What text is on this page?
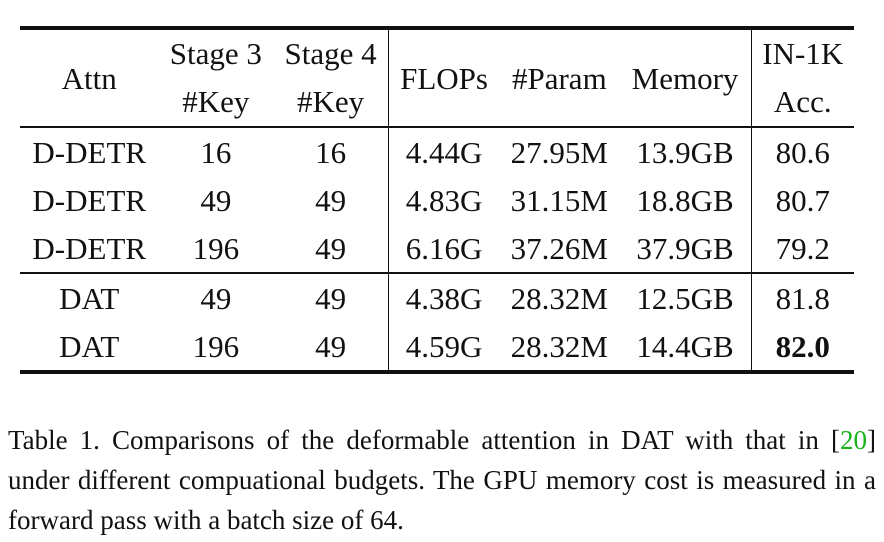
Attn	Stage 3	Stage 4	FLOPs	#Param	Memory	IN-1K
	#Key	#Key				Acc.
D-DETR	16	16	4.44G	27.95M	13.9GB	80.6
D-DETR	49	49	4.83G	31.15M	18.8GB	80.7
D-DETR	196	49	6.16G	37.26M	37.9GB	79.2
DAT	49	49	4.38G	28.32M	12.5GB	81.8
DAT	196	49	4.59G	28.32M	14.4GB	82.0
Table 1. Comparisons of the deformable attention in DAT with that in [20] under different compuational budgets. The GPU memory cost is measured in a forward pass with a batch size of 64.
